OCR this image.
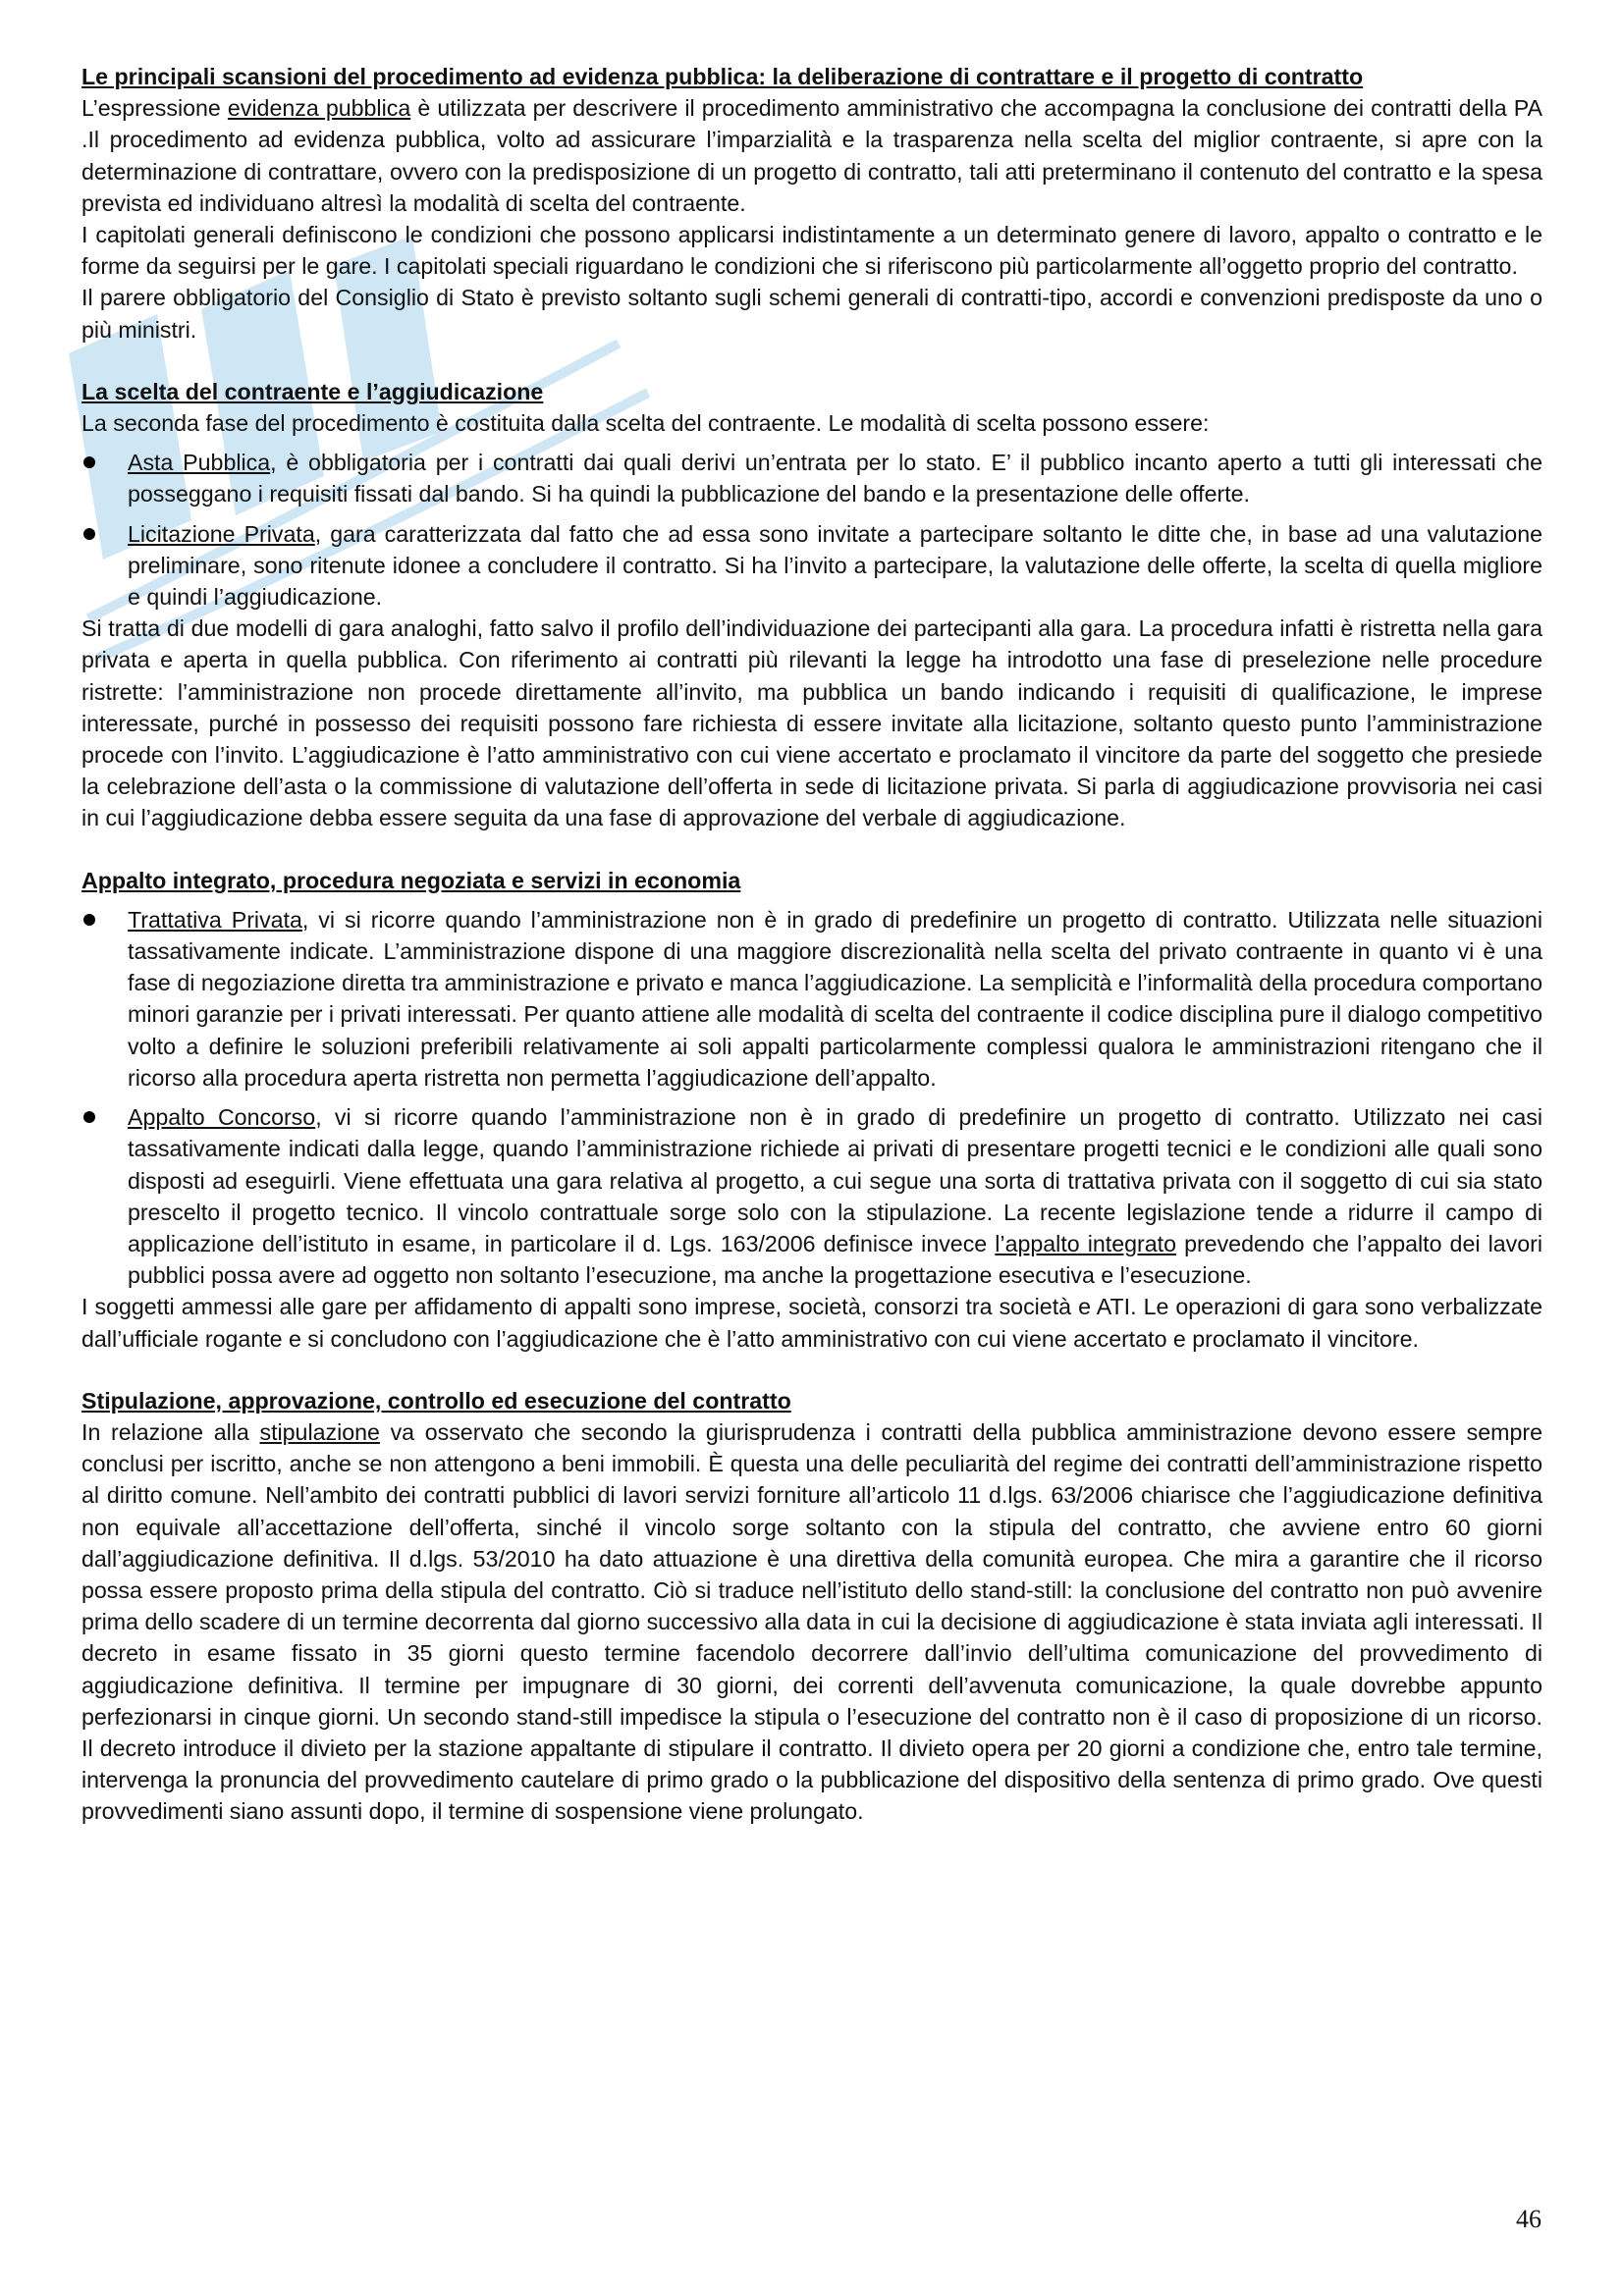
Le principali scansioni del procedimento ad evidenza pubblica: la deliberazione di contrattare e il progetto di contratto

L’espressione evidenza pubblica è utilizzata per descrivere il procedimento amministrativo che accompagna la conclusione dei contratti della PA .Il procedimento ad evidenza pubblica, volto ad assicurare l’imparzialità e la trasparenza nella scelta del miglior contraente, si apre con la determinazione di contrattare, ovvero con la predisposizione di un progetto di contratto, tali atti preterminano il contenuto del contratto e la spesa prevista ed individuano altresì la modalità di scelta del contraente.

I capitolati generali definiscono le condizioni che possono applicarsi indistintamente a un determinato genere di lavoro, appalto o contratto e le forme da seguirsi per le gare. I capitolati speciali riguardano le condizioni che si riferiscono più particolarmente all’oggetto proprio del contratto.

Il parere obbligatorio del Consiglio di Stato è previsto soltanto sugli schemi generali di contratti-tipo, accordi e convenzioni predisposte da uno o più ministri.

La scelta del contraente e l’aggiudicazione

La seconda fase del procedimento è costituita dalla scelta del contraente. Le modalità di scelta possono essere:

Asta Pubblica, è obbligatoria per i contratti dai quali derivi un’entrata per lo stato. E’ il pubblico incanto aperto a tutti gli interessati che posseggano i requisiti fissati dal bando. Si ha quindi la pubblicazione del bando e la presentazione delle offerte.
Licitazione Privata, gara caratterizzata dal fatto che ad essa sono invitate a partecipare soltanto le ditte che, in base ad una valutazione preliminare, sono ritenute idonee a concludere il contratto. Si ha l’invito a partecipare, la valutazione delle offerte, la scelta di quella migliore e quindi l’aggiudicazione.

Si tratta di due modelli di gara analoghi, fatto salvo il profilo dell’individuazione dei partecipanti alla gara. La procedura infatti è ristretta nella gara privata e aperta in quella pubblica. Con riferimento ai contratti più rilevanti la legge ha introdotto una fase di preselezione nelle procedure ristrette: l’amministrazione non procede direttamente all’invito, ma pubblica un bando indicando i requisiti di qualificazione, le imprese interessate, purché in possesso dei requisiti possono fare richiesta di essere invitate alla licitazione, soltanto questo punto l’amministrazione procede con l’invito. L’aggiudicazione è l’atto amministrativo con cui viene accertato e proclamato il vincitore da parte del soggetto che presiede la celebrazione dell’asta o la commissione di valutazione dell’offerta in sede di licitazione privata. Si parla di aggiudicazione provvisoria nei casi in cui l’aggiudicazione debba essere seguita da una fase di approvazione del verbale di aggiudicazione.

Appalto integrato, procedura negoziata e servizi in economia

Trattativa Privata, vi si ricorre quando l’amministrazione non è in grado di predefinire un progetto di contratto. Utilizzata nelle situazioni tassativamente indicate. L’amministrazione dispone di una maggiore discrezionalità nella scelta del privato contraente in quanto vi è una fase di negoziazione diretta tra amministrazione e privato e manca l’aggiudicazione. La semplicità e l’informalità della procedura comportano minori garanzie per i privati interessati. Per quanto attiene alle modalità di scelta del contraente il codice disciplina pure il dialogo competitivo volto a definire le soluzioni preferibili relativamente ai soli appalti particolarmente complessi qualora le amministrazioni ritengano che il ricorso alla procedura aperta ristretta non permetta l’aggiudicazione dell’appalto.
Appalto Concorso, vi si ricorre quando l’amministrazione non è in grado di predefinire un progetto di contratto. Utilizzato nei casi tassativamente indicati dalla legge, quando l’amministrazione richiede ai privati di presentare progetti tecnici e le condizioni alle quali sono disposti ad eseguirli. Viene effettuata una gara relativa al progetto, a cui segue una sorta di trattativa privata con il soggetto di cui sia stato prescelto il progetto tecnico. Il vincolo contrattuale sorge solo con la stipulazione. La recente legislazione tende a ridurre il campo di applicazione dell’istituto in esame, in particolare il d. Lgs. 163/2006 definisce invece l’appalto integrato prevedendo che l’appalto dei lavori pubblici possa avere ad oggetto non soltanto l’esecuzione, ma anche la progettazione esecutiva e l’esecuzione.

I soggetti ammessi alle gare per affidamento di appalti sono imprese, società, consorzi tra società e ATI. Le operazioni di gara sono verbalizzate dall’ufficiale rogante e si concludono con l’aggiudicazione che è l’atto amministrativo con cui viene accertato e proclamato il vincitore.

Stipulazione, approvazione, controllo ed esecuzione del contratto

In relazione alla stipulazione va osservato che secondo la giurisprudenza i contratti della pubblica amministrazione devono essere sempre conclusi per iscritto, anche se non attengono a beni immobili. È questa una delle peculiarità del regime dei contratti dell’amministrazione rispetto al diritto comune. Nell’ambito dei contratti pubblici di lavori servizi forniture all’articolo 11 d.lgs. 63/2006 chiarisce che l’aggiudicazione definitiva non equivale all’accettazione dell’offerta, sinché il vincolo sorge soltanto con la stipula del contratto, che avviene entro 60 giorni dall’aggiudicazione definitiva. Il d.lgs. 53/2010 ha dato attuazione è una direttiva della comunità europea. Che mira a garantire che il ricorso possa essere proposto prima della stipula del contratto. Ciò si traduce nell’istituto dello stand-still: la conclusione del contratto non può avvenire prima dello scadere di un termine decorrenta dal giorno successivo alla data in cui la decisione di aggiudicazione è stata inviata agli interessati. Il decreto in esame fissato in 35 giorni questo termine facendolo decorrere dall’invio dell’ultima comunicazione del provvedimento di aggiudicazione definitiva. Il termine per impugnare di 30 giorni, dei correnti dell’avvenuta comunicazione, la quale dovrebbe appunto perfezionarsi in cinque giorni. Un secondo stand-still impedisce la stipula o l’esecuzione del contratto non è il caso di proposizione di un ricorso. Il decreto introduce il divieto per la stazione appaltante di stipulare il contratto. Il divieto opera per 20 giorni a condizione che, entro tale termine, intervenga la pronuncia del provvedimento cautelare di primo grado o la pubblicazione del dispositivo della sentenza di primo grado. Ove questi provvedimenti siano assunti dopo, il termine di sospensione viene prolungato.

46
